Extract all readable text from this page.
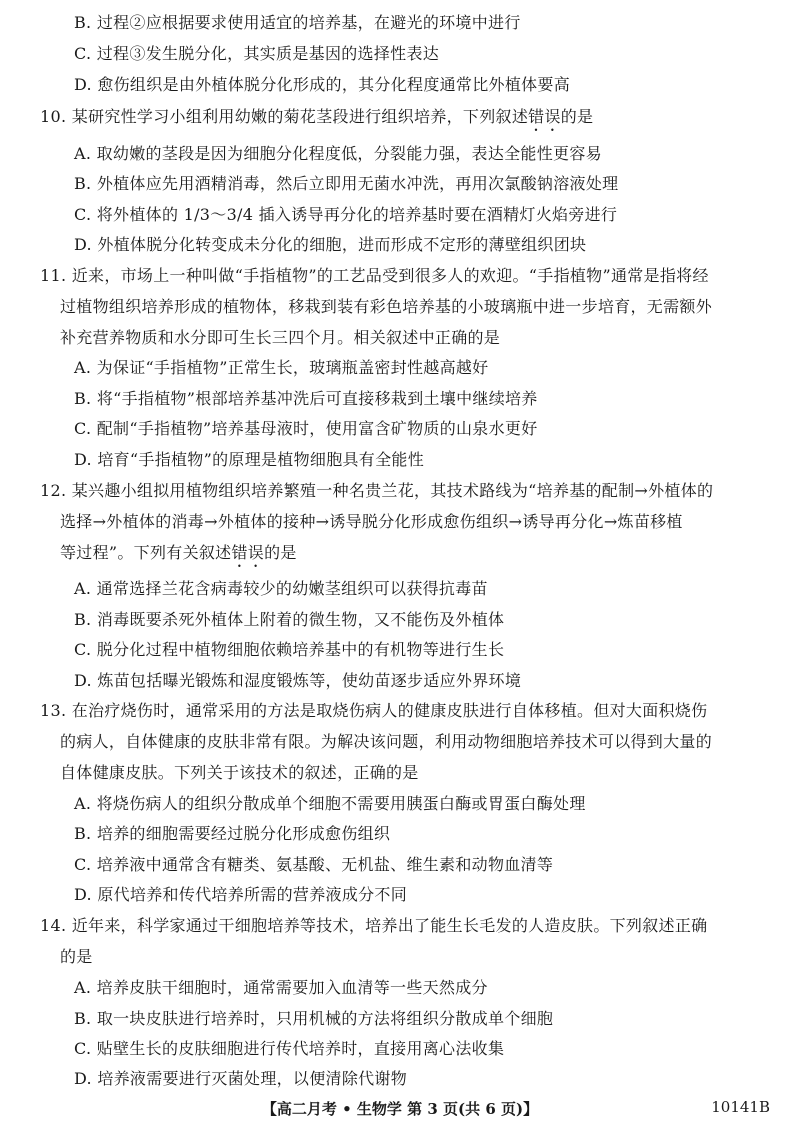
B. 过程②应根据要求使用适宜的培养基，在避光的环境中进行
C. 过程③发生脱分化，其实质是基因的选择性表达
D. 愈伤组织是由外植体脱分化形成的，其分化程度通常比外植体要高
10. 某研究性学习小组利用幼嫩的菊花茎段进行组织培养，下列叙述错误的是
A. 取幼嫩的茎段是因为细胞分化程度低，分裂能力强，表达全能性更容易
B. 外植体应先用酒精消毒，然后立即用无菌水冲洗，再用次氯酸钠溶液处理
C. 将外植体的 1/3～3/4 插入诱导再分化的培养基时要在酒精灯火焰旁进行
D. 外植体脱分化转变成未分化的细胞，进而形成不定形的薄壁组织团块
11. 近来，市场上一种叫做“手指植物”的工艺品受到很多人的欢迎。“手指植物”通常是指将经
过植物组织培养形成的植物体，移栽到装有彩色培养基的小玻璃瓶中进一步培育，无需额外
补充营养物质和水分即可生长三四个月。相关叙述中正确的是
A. 为保证“手指植物”正常生长，玻璃瓶盖密封性越高越好
B. 将“手指植物”根部培养基冲洗后可直接移栽到土壤中继续培养
C. 配制“手指植物”培养基母液时，使用富含矿物质的山泉水更好
D. 培育“手指植物”的原理是植物细胞具有全能性
12. 某兴趣小组拟用植物组织培养繁殖一种名贵兰花，其技术路线为“培养基的配制→外植体的
选择→外植体的消毒→外植体的接种→诱导脱分化形成愈伤组织→诱导再分化→炼苗移植
等过程”。下列有关叙述错误的是
A. 通常选择兰花含病毒较少的幼嫩茎组织可以获得抗毒苗
B. 消毒既要杀死外植体上附着的微生物，又不能伤及外植体
C. 脱分化过程中植物细胞依赖培养基中的有机物等进行生长
D. 炼苗包括曝光锻炼和湿度锻炼等，使幼苗逐步适应外界环境
13. 在治疗烧伤时，通常采用的方法是取烧伤病人的健康皮肤进行自体移植。但对大面积烧伤
的病人，自体健康的皮肤非常有限。为解决该问题，利用动物细胞培养技术可以得到大量的
自体健康皮肤。下列关于该技术的叙述，正确的是
A. 将烧伤病人的组织分散成单个细胞不需要用胰蛋白酶或胃蛋白酶处理
B. 培养的细胞需要经过脱分化形成愈伤组织
C. 培养液中通常含有糖类、氨基酸、无机盐、维生素和动物血清等
D. 原代培养和传代培养所需的营养液成分不同
14. 近年来，科学家通过干细胞培养等技术，培养出了能生长毛发的人造皮肤。下列叙述正确
的是
A. 培养皮肤干细胞时，通常需要加入血清等一些天然成分
B. 取一块皮肤进行培养时，只用机械的方法将组织分散成单个细胞
C. 贴壁生长的皮肤细胞进行传代培养时，直接用离心法收集
D. 培养液需要进行灭菌处理，以便清除代谢物
【高二月考 • 生物学 第 3 页(共 6 页)】	10141B
